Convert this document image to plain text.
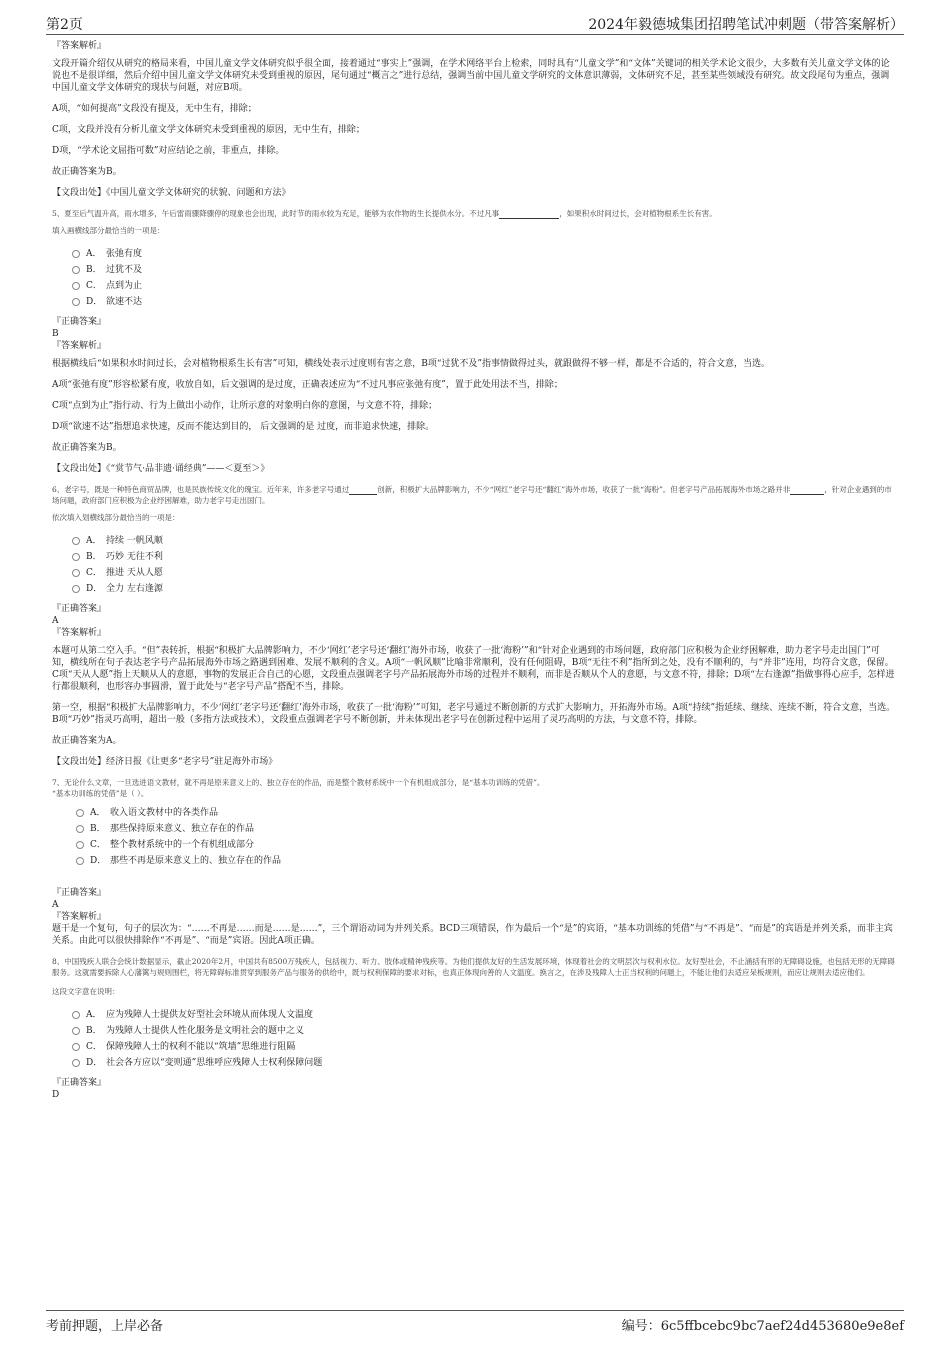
第2页	2024年毅德城集团招聘笔试冲刺题（带答案解析）

『答案解析』

文段开篇介绍仅从研究的格局来看，中国儿童文学文体研究似乎很全面，接着通过“事实上”强调，在学术网络平台上检索，同时具有“儿童文学”和“文体”关键词的相关学术论文很少，大多数有关儿童文学文体的论说也不是很详细，然后介绍中国儿童文学文体研究未受到重视的原因，尾句通过“概言之”进行总结，强调当前中国儿童文学研究的文体意识薄弱，文体研究不足，甚至某些领域没有研究。故文段尾句为重点，强调中国儿童文学文体研究的现状与问题，对应B项。

A项，“如何提高”文段没有提及，无中生有，排除；

C项，文段并没有分析儿童文学文体研究未受到重视的原因，无中生有，排除；

D项，“学术论文屈指可数”对应结论之前，非重点，排除。

故正确答案为B。

【文段出处】《中国儿童文学文体研究的状貌、问题和方法》

5、夏至后气温升高，雨水增多，午后雷雨骤降骤停的现象也会出现，此时节的雨水较为充足，能够为农作物的生长提供水分。不过凡事	，如果积水时间过长，会对植物根系生长有害。

填入画横线部分最恰当的一项是：

A． 张弛有度
B． 过犹不及
C． 点到为止
D． 欲速不达

『正确答案』

B

『答案解析』

根据横线后“如果积水时间过长，会对植物根系生长有害”可知，横线处表示过度则有害之意，B项“过犹不及”指事情做得过头，就跟做得不够一样，都是不合适的，符合文意，当选。

A项“张弛有度”形容松紧有度，收放自如，后文强调的是过度，正确表述应为“不过凡事应张弛有度”，置于此处用法不当，排除；

C项“点到为止”指行动、行为上做出小动作，让所示意的对象明白你的意图，与文意不符，排除；

D项“欲速不达”指想追求快速，反而不能达到目的， 后文强调的是 过度，而非追求快速，排除。

故正确答案为B。

【文段出处】《“赏节气·品非遗·诵经典”——＜夏至＞》

6、老字号，既是一种特色商贸品牌，也是民族传统文化的瑰宝。近年来，许多老字号通过	创新，积极扩大品牌影响力，不少“网红”老字号还“翻红”海外市场，收获了一批“海粉”。但老字号产品拓展海外市场之路并非	，针对企业遇到的市场问题，政府部门应积极为企业纾困解难，助力老字号走出国门。

依次填入划横线部分最恰当的一项是：

A． 持续 一帆风顺
B． 巧妙 无往不利
C． 推进 天从人愿
D． 全力 左右逢源

『正确答案』

A

『答案解析』

本题可从第二空入手。“但”表转折，根据“积极扩大品牌影响力，不少‘网红’老字号还‘翻红’海外市场，收获了一批‘海粉’”和“针对企业遇到的市场问题，政府部门应积极为企业纾困解难，助力老字号走出国门”可知，横线所在句子表达老字号产品拓展海外市场之路遇到困难、发展不顺利的含义。A项“一帆风顺”比喻非常顺利，没有任何阻碍，B项“无往不利”指所到之处，没有不顺利的，与“并非”连用，均符合文意，保留。C项“天从人愿”指上天顺从人的意愿，事物的发展正合自己的心愿，文段重点强调老字号产品拓展海外市场的过程并不顺利，而非是否顺从个人的意愿，与文意不符，排除；D项“左右逢源”指做事得心应手，怎样进行都很顺利，也形容办事圆滑，置于此处与“老字号产品”搭配不当，排除。

第一空，根据“积极扩大品牌影响力，不少‘网红’老字号还‘翻红’海外市场，收获了一批‘海粉’”可知，老字号通过不断创新的方式扩大影响力，开拓海外市场。A项“持续”指延续、继续、连续不断，符合文意，当选。B项“巧妙”指灵巧高明，超出一般（多指方法或技术），文段重点强调老字号不断创新，并未体现出老字号在创新过程中运用了灵巧高明的方法，与文意不符，排除。

故正确答案为A。

【文段出处】经济日报《让更多“老字号”驻足海外市场》

7、无论什么文章，一旦选进语文教材，就不再是原来意义上的、独立存在的作品，而是整个教材系统中一个有机组成部分，是“基本功训练的凭借”。

“基本功训练的凭借”是（ ）。

A． 收入语文教材中的各类作品
B． 那些保持原来意义、独立存在的作品
C． 整个教材系统中的一个有机组成部分
D． 那些不再是原来意义上的、独立存在的作品

『正确答案』

A

『答案解析』

题干是一个复句，句子的层次为：“……不再是……而是……是……”，三个谓语动词为并列关系。BCD三项错误，作为最后一个“是”的宾语，“基本功训练的凭借”与“不再是”、“而是”的宾语是并列关系，而非主宾关系。由此可以很快排除作“不再是”、“而是”宾语。因此A项正确。

8、中国残疾人联合会统计数据显示，截止2020年2月，中国共有8500万残疾人，包括视力、听力、肢体或精神残疾等。为他们提供友好的生活发展环境，体现着社会的文明层次与权利水位。友好型社会，不止涵括有形的无障碍设施，也包括无形的无障碍服务。这就需要拆除人心藩篱与规则围栏，将无障碍标准贯穿到服务产品与服务的供给中，既与权利保障的要求对标，也真正体现向善的人文温度。换言之，在涉及残障人士正当权利的问题上，不能让他们去适应呆板规则，而应让规则去适应他们。

这段文字意在说明：

A． 应为残障人士提供友好型社会环境从而体现人文温度
B． 为残障人士提供人性化服务是文明社会的题中之义
C． 保障残障人士的权利不能以“筑墙”思维进行阻隔
D． 社会各方应以“变则通”思维呼应残障人士权利保障问题

『正确答案』

D

考前押题，上岸必备	编号：6c5ffbcebc9bc7aef24d453680e9e8ef
